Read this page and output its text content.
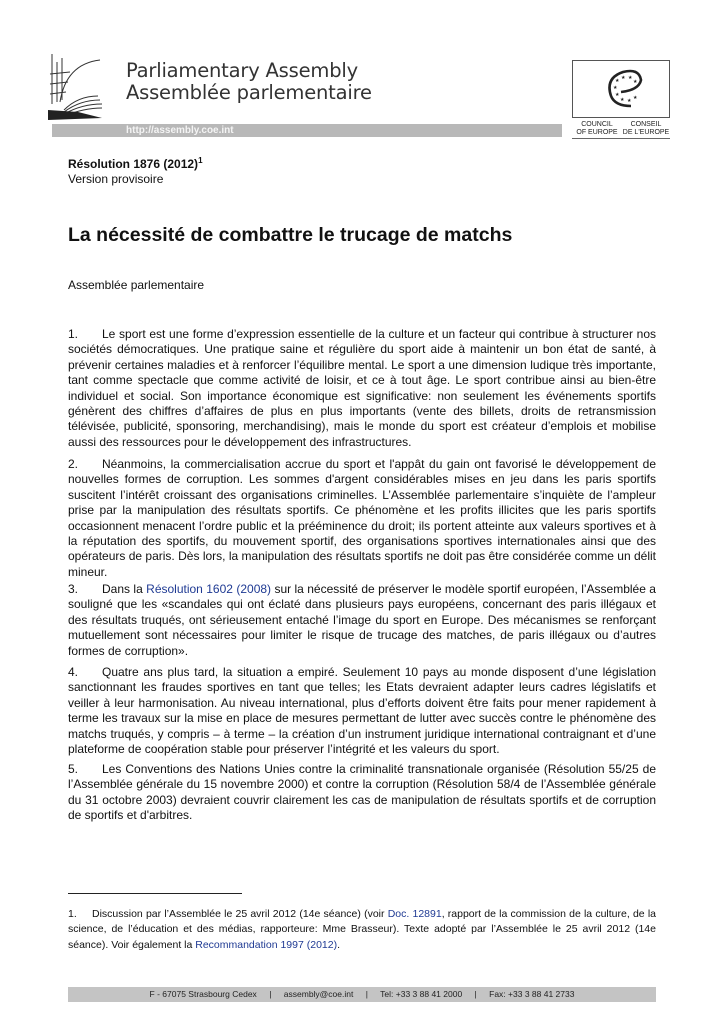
Parliamentary Assembly
Assemblée parlementaire
http://assembly.coe.int
★ ★ ★
★
★
★
★ ★ ★
COUNCIL
OF EUROPE
CONSEIL
DE L'EUROPE
Résolution 1876 $(2012)^1$
Version provisoire
La nécessité de combattre le trucage de matchs
Assemblée parlementaire
1. Le sport est une forme d’expression essentielle de la culture et un facteur qui contribue à structurer nos sociétés démocratiques. Une pratique saine et régulière du sport aide à maintenir un bon état de santé, à prévenir certaines maladies et à renforcer l’équilibre mental. Le sport a une dimension ludique très importante, tant comme spectacle que comme activité de loisir, et ce à tout âge. Le sport contribue ainsi au bien-être individuel et social. Son importance économique est significative: non seulement les événements sportifs génèrent des chiffres d’affaires de plus en plus importants (vente des billets, droits de retransmission télévisée, publicité, sponsoring, merchandising), mais le monde du sport est créateur d’emplois et mobilise aussi des ressources pour le développement des infrastructures.
2. Néanmoins, la commercialisation accrue du sport et l'appât du gain ont favorisé le développement de nouvelles formes de corruption. Les sommes d'argent considérables mises en jeu dans les paris sportifs suscitent l’intérêt croissant des organisations criminelles. L’Assemblée parlementaire s’inquiète de l’ampleur prise par la manipulation des résultats sportifs. Ce phénomène et les profits illicites que les paris sportifs occasionnent menacent l’ordre public et la prééminence du droit; ils portent atteinte aux valeurs sportives et à la réputation des sportifs, du mouvement sportif, des organisations sportives internationales ainsi que des opérateurs de paris. Dès lors, la manipulation des résultats sportifs ne doit pas être considérée comme un délit mineur.
3. Dans la Résolution 1602 (2008) sur la nécessité de préserver le modèle sportif européen, l’Assemblée a souligné que les «scandales qui ont éclaté dans plusieurs pays européens, concernant des paris illégaux et des résultats truqués, ont sérieusement entaché l’image du sport en Europe. Des mécanismes se renforçant mutuellement sont nécessaires pour limiter le risque de trucage des matches, de paris illégaux ou d’autres formes de corruption».
4. Quatre ans plus tard, la situation a empiré. Seulement 10 pays au monde disposent d’une législation sanctionnant les fraudes sportives en tant que telles; les Etats devraient adapter leurs cadres législatifs et veiller à leur harmonisation. Au niveau international, plus d’efforts doivent être faits pour mener rapidement à terme les travaux sur la mise en place de mesures permettant de lutter avec succès contre le phénomène des matchs truqués, y compris – à terme – la création d’un instrument juridique international contraignant et d’une plateforme de coopération stable pour préserver l’intégrité et les valeurs du sport.
5. Les Conventions des Nations Unies contre la criminalité transnationale organisée (Résolution 55/25 de l’Assemblée générale du 15 novembre 2000) et contre la corruption (Résolution 58/4 de l’Assemblée générale du 31 octobre 2003) devraient couvrir clairement les cas de manipulation de résultats sportifs et de corruption de sportifs et d'arbitres.
1. Discussion par l’Assemblée le 25 avril 2012 (14e séance) (voir Doc. 12891, rapport de la commission de la culture, de la science, de l’éducation et des médias, rapporteure: Mme Brasseur). Texte adopté par l’Assemblée le 25 avril 2012 (14e séance). Voir également la Recommandation 1997 (2012).
F - 67075 Strasbourg Cedex | assembly@coe.int | Tel: +33 3 88 41 2000 | Fax: +33 3 88 41 2733
